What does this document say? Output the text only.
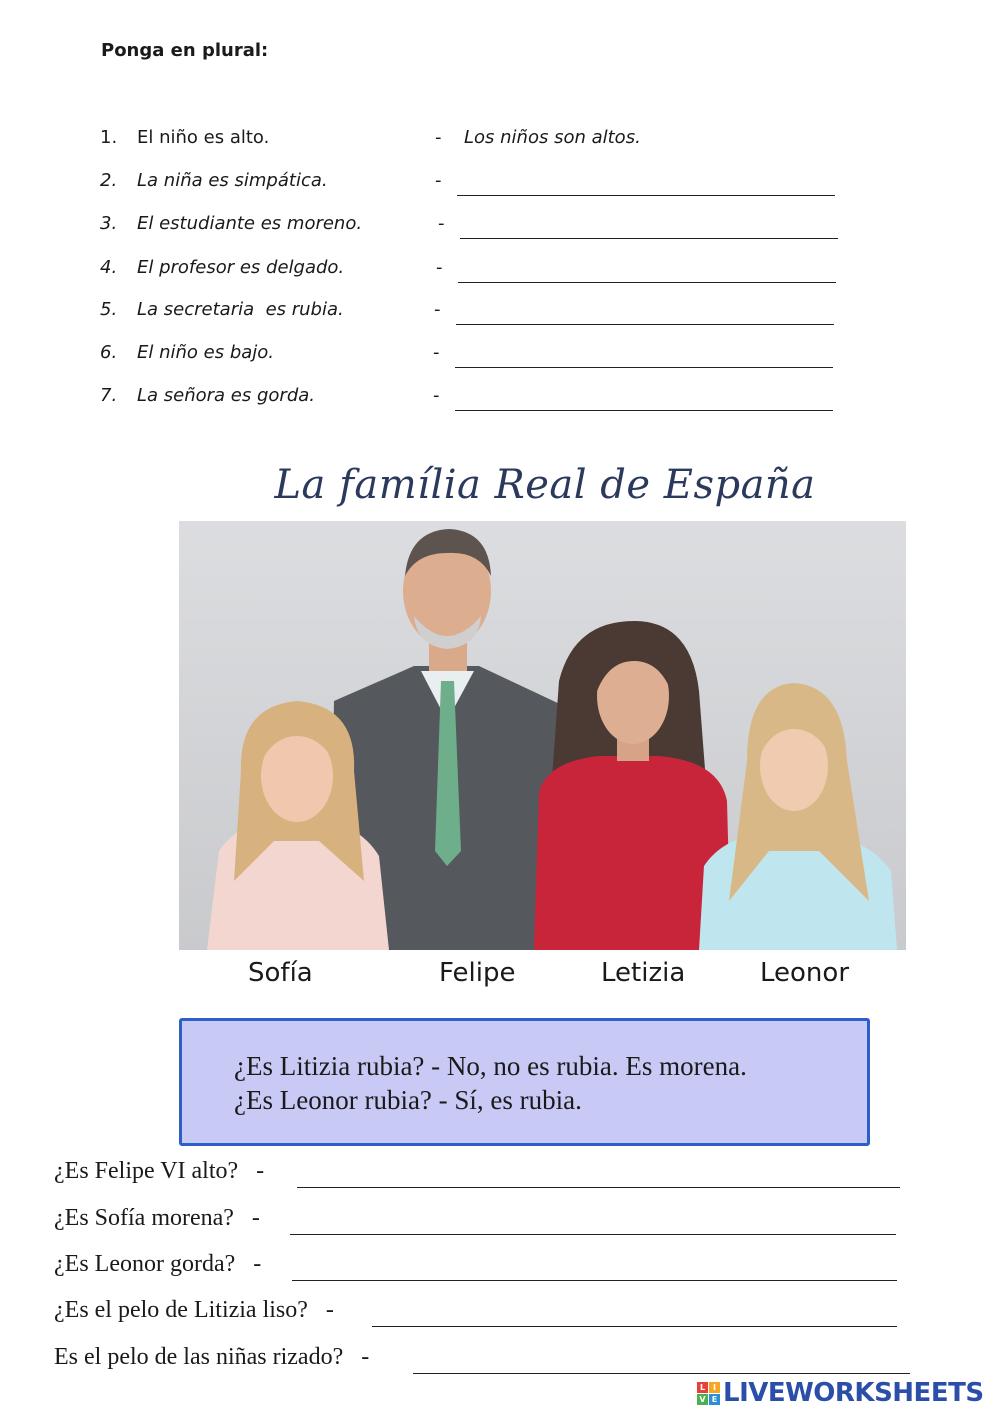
Ponga en plural:
1. El niño es alto.	- Los niños son altos.
2. La niña es simpática.	-
3. El estudiante es moreno.	-
4. El profesor es delgado.	-
5. La secretaria  es rubia.	-
6. El niño es bajo.	-
7. La señora es gorda.	-
La família Real de España
Sofía	Felipe	Letizia	Leonor
¿Es Litizia rubia? - No, no es rubia. Es morena.
¿Es Leonor rubia? - Sí, es rubia.
¿Es Felipe VI alto?   -
¿Es Sofía morena?   -
¿Es Leonor gorda?   -
¿Es el pelo de Litizia liso?   -
Es el pelo de las niñas rizado?   -
L I
V E LIVEWORKSHEETS
